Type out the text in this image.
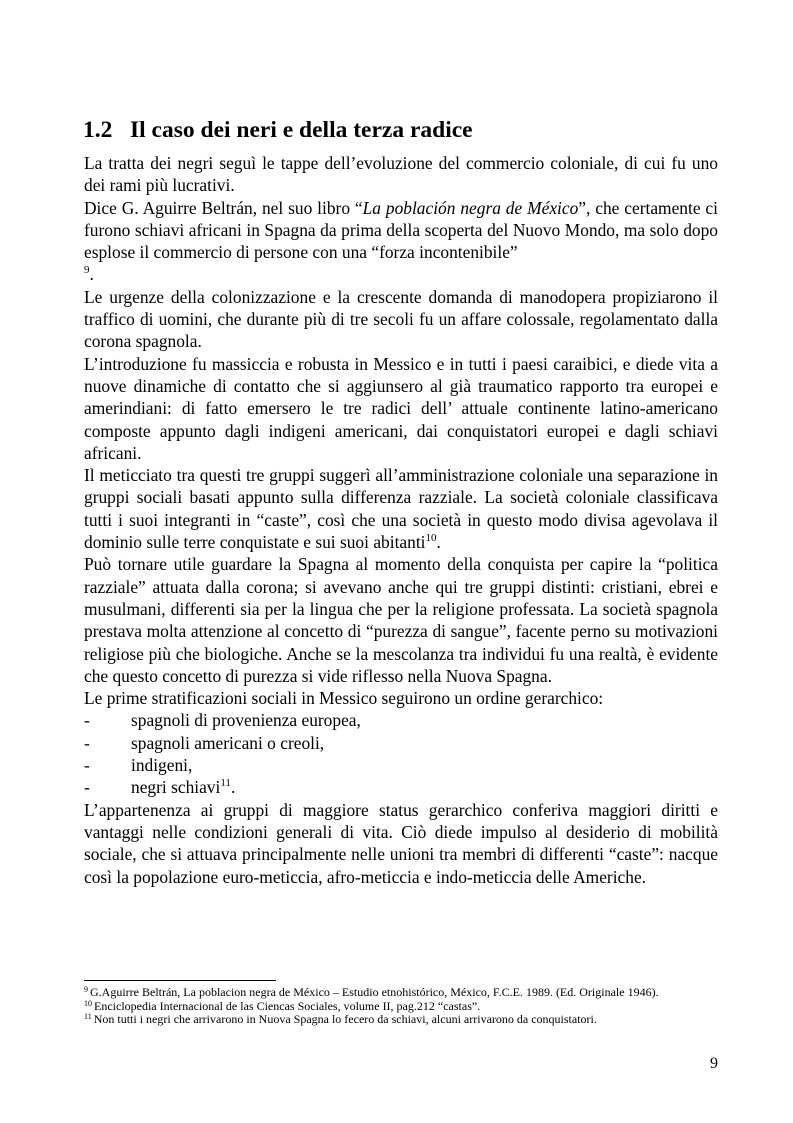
1.2 Il caso dei neri e della terza radice

La tratta dei negri seguì le tappe dell’evoluzione del commercio coloniale, di cui fu uno dei rami più lucrativi.

Dice G. Aguirre Beltrán, nel suo libro “La población negra de México”, che certamente ci furono schiavi africani in Spagna da prima della scoperta del Nuovo Mondo, ma solo dopo esplose il commercio di persone con una “forza incontenibile”
$^9$.

Le urgenze della colonizzazione e la crescente domanda di manodopera propiziarono il traffico di uomini, che durante più di tre secoli fu un affare colossale, regolamentato dalla corona spagnola.

L’introduzione fu massiccia e robusta in Messico e in tutti i paesi caraibici, e diede vita a nuove dinamiche di contatto che si aggiunsero al già traumatico rapporto tra europei e amerindiani: di fatto emersero le tre radici dell’ attuale continente latino-americano composte appunto dagli indigeni americani, dai conquistatori europei e dagli schiavi africani.

Il meticciato tra questi tre gruppi suggerì all’amministrazione coloniale una separazione in gruppi sociali basati appunto sulla differenza razziale. La società coloniale classificava tutti i suoi integranti in “caste”, così che una società in questo modo divisa agevolava il dominio sulle terre conquistate e sui suoi abitanti$^{10}$.

Può tornare utile guardare la Spagna al momento della conquista per capire la “politica razziale” attuata dalla corona; si avevano anche qui tre gruppi distinti: cristiani, ebrei e musulmani, differenti sia per la lingua che per la religione professata. La società spagnola prestava molta attenzione al concetto di “purezza di sangue”, facente perno su motivazioni religiose più che biologiche. Anche se la mescolanza tra individui fu una realtà, è evidente che questo concetto di purezza si vide riflesso nella Nuova Spagna.

Le prime stratificazioni sociali in Messico seguirono un ordine gerarchico:

-	spagnoli di provenienza europea,
-	spagnoli americani o creoli,
-	indigeni,
-	negri schiavi$^{11}$.

L’appartenenza ai gruppi di maggiore status gerarchico conferiva maggiori diritti e vantaggi nelle condizioni generali di vita. Ciò diede impulso al desiderio di mobilità sociale, che si attuava principalmente nelle unioni tra membri di differenti “caste”: nacque così la popolazione euro-meticcia, afro-meticcia e indo-meticcia delle Americhe.

$^9$ G.Aguirre Beltrán, La poblacion negra de México – Estudio etnohistórico, México, F.C.E. 1989. (Ed. Originale 1946).

$^{10}$ Enciclopedia Internacional de las Ciencas Sociales, volume II, pag.212 “castas”.

$^{11}$ Non tutti i negri che arrivarono in Nuova Spagna lo fecero da schiavi, alcuni arrivarono da conquistatori.

9
